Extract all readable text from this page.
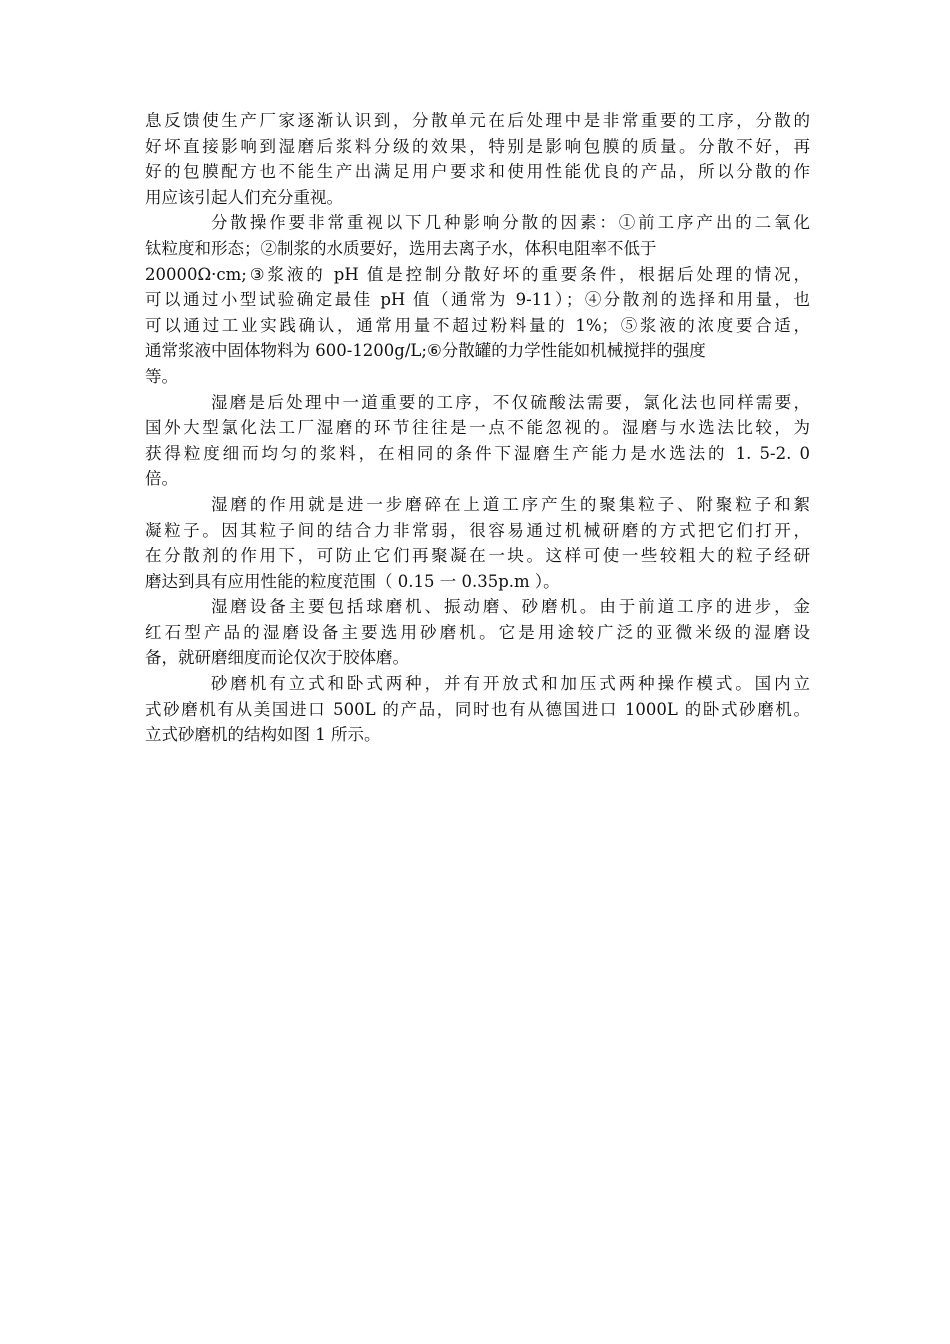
息反馈使生产厂家逐渐认识到，分散单元在后处理中是非常重要的工序，分散的
好坏直接影响到湿磨后浆料分级的效果，特别是影响包膜的质量。分散不好，再
好的包膜配方也不能生产出满足用户要求和使用性能优良的产品，所以分散的作
用应该引起人们充分重视。
分散操作要非常重视以下几种影响分散的因素：①前工序产出的二氧化
钛粒度和形态；②制浆的水质要好，选用去离子水，体积电阻率不低于
20000Ω·cm;③浆液的 pH 值是控制分散好坏的重要条件，根据后处理的情况，
可以通过小型试验确定最佳 pH 值（通常为 9-11）；④分散剂的选择和用量，也
可以通过工业实践确认，通常用量不超过粉料量的 1%；⑤浆液的浓度要合适，
通常浆液中固体物料为 600-1200g/L;⑥分散罐的力学性能如机械搅拌的强度
等。
湿磨是后处理中一道重要的工序，不仅硫酸法需要，氯化法也同样需要，
国外大型氯化法工厂湿磨的环节往往是一点不能忽视的。湿磨与水选法比较，为
获得粒度细而均匀的浆料，在相同的条件下湿磨生产能力是水选法的 1. 5-2. 0
倍。
湿磨的作用就是进一步磨碎在上道工序产生的聚集粒子、附聚粒子和絮
凝粒子。因其粒子间的结合力非常弱，很容易通过机械研磨的方式把它们打开，
在分散剂的作用下，可防止它们再聚凝在一块。这样可使一些较粗大的粒子经研
磨达到具有应用性能的粒度范围（ 0.15 一 0.35p.m ）。
湿磨设备主要包括球磨机、振动磨、砂磨机。由于前道工序的进步，金
红石型产品的湿磨设备主要选用砂磨机。它是用途较广泛的亚微米级的湿磨设
备，就研磨细度而论仅次于胶体磨。
砂磨机有立式和卧式两种，并有开放式和加压式两种操作模式。国内立
式砂磨机有从美国进口 500L 的产品，同时也有从德国进口 1000L 的卧式砂磨机。
立式砂磨机的结构如图 1 所示。
